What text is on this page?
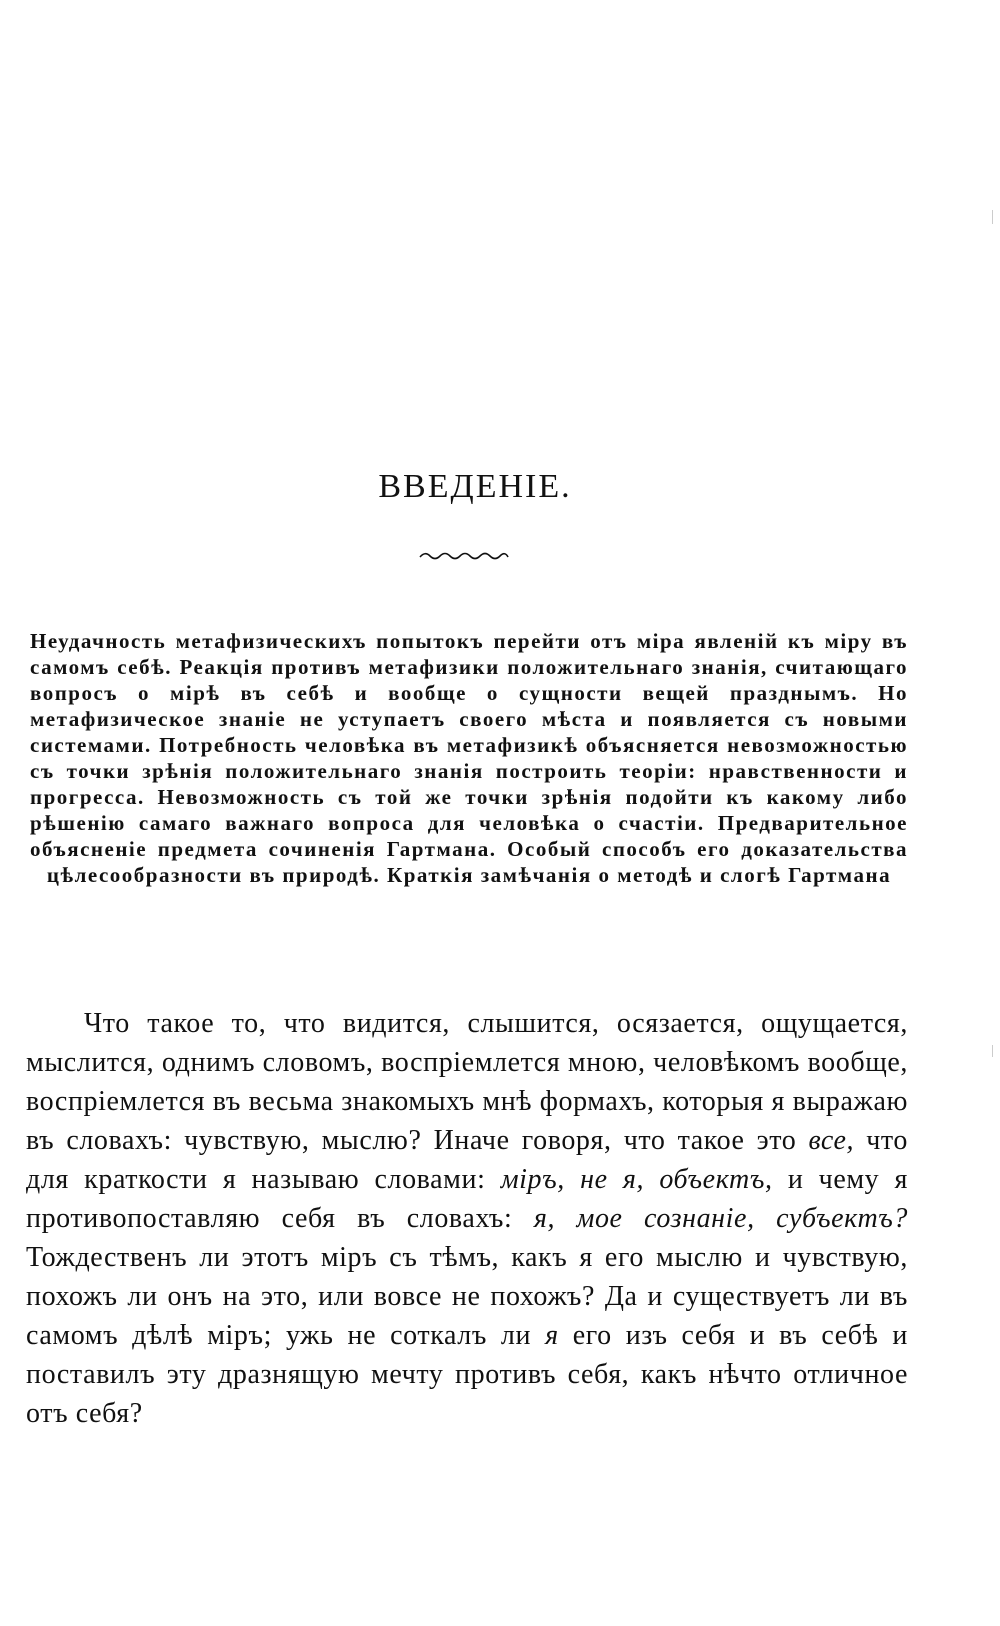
ВВЕДЕНІЕ.

Неудачность метафизическихъ попытокъ перейти отъ міра явленій къ міру въ самомъ себѣ. Реакція противъ метафизики положительнаго знанія, считающаго вопросъ о мірѣ въ себѣ и вообще о сущности вещей празднымъ. Но метафизическое знаніе не уступаетъ своего мѣста и появляется съ новыми системами. Потребность человѣка въ метафизикѣ объясняется невозможностью съ точки зрѣнія положительнаго знанія построить теоріи: нравственности и прогресса. Невозможность съ той же точки зрѣнія подойти къ какому либо рѣшенію самаго важнаго вопроса для человѣка о счастіи. Предварительное объясненіе предмета сочиненія Гартмана. Особый способъ его доказательства цѣлесообразности въ природѣ. Краткія замѣчанія о методѣ и слогѣ Гартмана

Что такое то, что видится, слышится, осязается, ощущается, мыслится, однимъ словомъ, воспріемлется мною, человѣкомъ вообще, воспріемлется въ весьма знакомыхъ мнѣ формахъ, которыя я выражаю въ словахъ: чувствую, мыслю? Иначе говоря, что такое это все, что для краткости я называю словами: міръ, не я, объектъ, и чему я противопоставляю себя въ словахъ: я, мое сознаніе, субъектъ? Тождественъ ли этотъ міръ съ тѣмъ, какъ я его мыслю и чувствую, похожъ ли онъ на это, или вовсе не похожъ? Да и существуетъ ли въ самомъ дѣлѣ міръ; ужь не соткалъ ли я его изъ себя и въ себѣ и поставилъ эту дразнящую мечту противъ себя, какъ нѣчто отличное отъ себя?
